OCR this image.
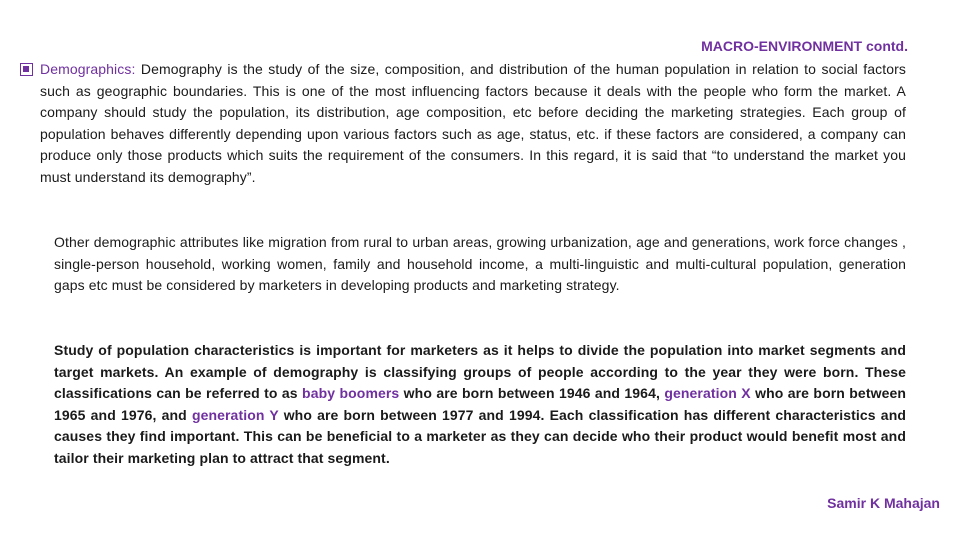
MACRO-ENVIRONMENT contd.

Demographics: Demography is the study of the size, composition, and distribution of the human population in relation to social factors such as geographic boundaries. This is one of the most influencing factors because it deals with the people who form the market. A company should study the population, its distribution, age composition, etc before deciding the marketing strategies. Each group of population behaves differently depending upon various factors such as age, status, etc. if these factors are considered, a company can produce only those products which suits the requirement of the consumers. In this regard, it is said that “to understand the market you must understand its demography”.

Other demographic attributes like migration from rural to urban areas, growing urbanization, age and generations, work force changes , single-person household, working women, family and household income, a multi-linguistic and multi-cultural population, generation gaps etc must be considered by marketers in developing products and marketing strategy.

Study of population characteristics is important for marketers as it helps to divide the population into market segments and target markets. An example of demography is classifying groups of people according to the year they were born. These classifications can be referred to as baby boomers who are born between 1946 and 1964, generation X who are born between 1965 and 1976, and generation Y who are born between 1977 and 1994. Each classification has different characteristics and causes they find important. This can be beneficial to a marketer as they can decide who their product would benefit most and tailor their marketing plan to attract that segment.

Samir K Mahajan
